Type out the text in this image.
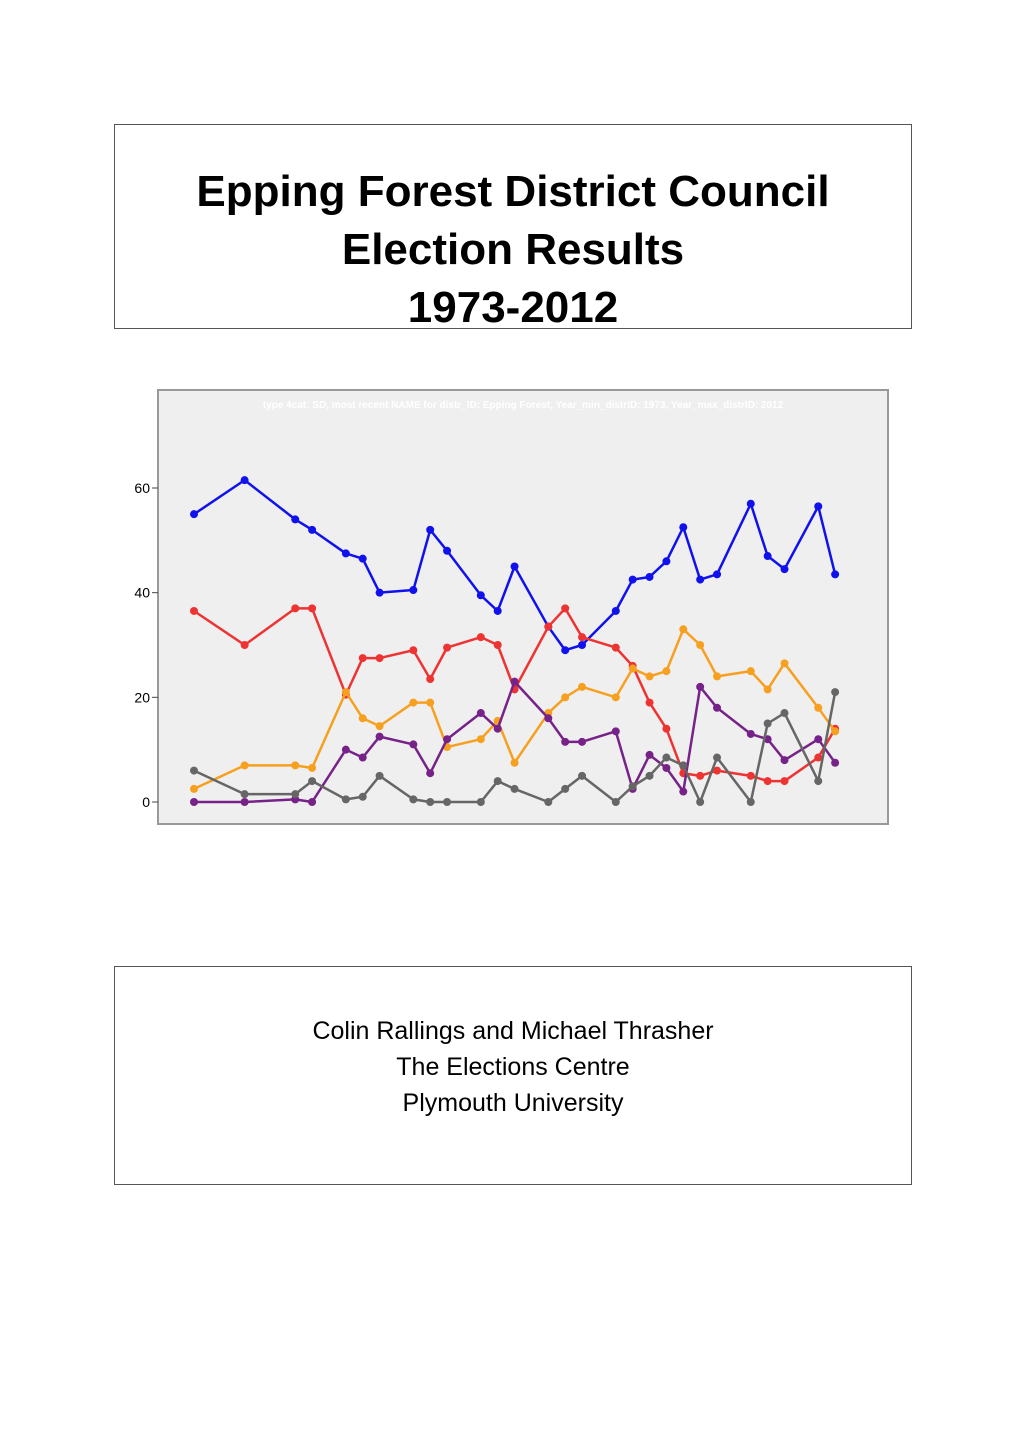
Epping Forest District Council
Election Results
1973-2012
type 4cat: SD, most recent NAME for distr_ID: Epping Forest, Year_min_distrID: 1973, Year_max_distrID: 2012
0
20
40
60
Colin Rallings and Michael Thrasher
The Elections Centre
Plymouth University
